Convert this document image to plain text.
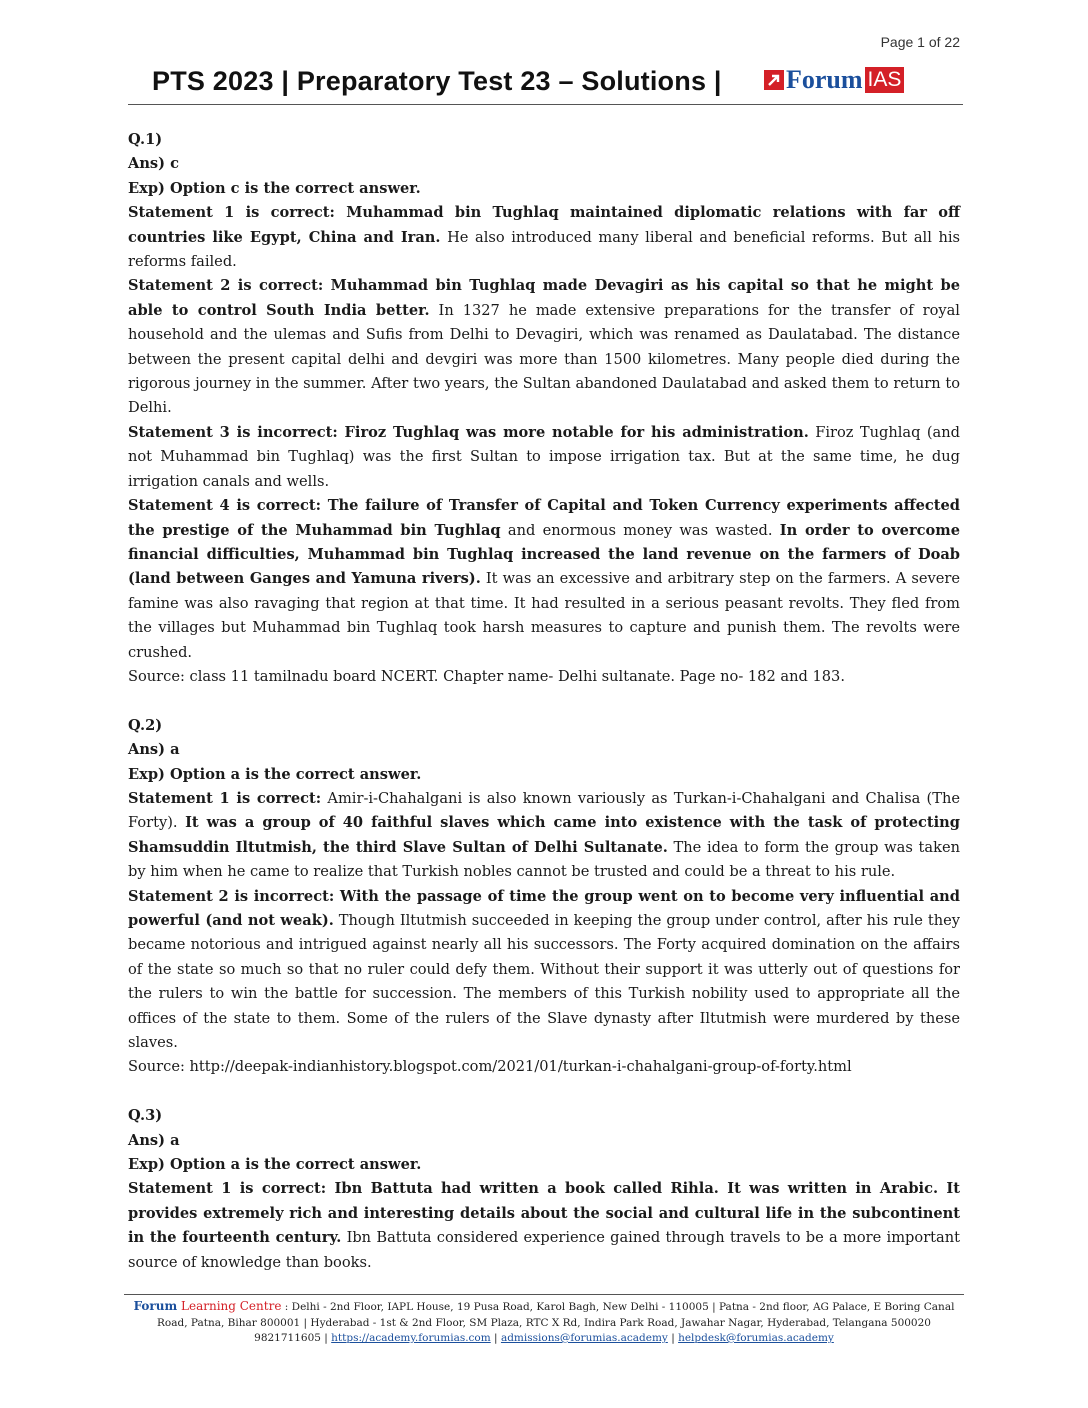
Page 1 of 22
PTS 2023 | Preparatory Test 23 – Solutions | Forum IAS

Q.1)

Ans) c

Exp) Option c is the correct answer.

Statement 1 is correct: Muhammad bin Tughlaq maintained diplomatic relations with far off countries like Egypt, China and Iran. He also introduced many liberal and beneficial reforms. But all his reforms failed.

Statement 2 is correct: Muhammad bin Tughlaq made Devagiri as his capital so that he might be able to control South India better. In 1327 he made extensive preparations for the transfer of royal household and the ulemas and Sufis from Delhi to Devagiri, which was renamed as Daulatabad. The distance between the present capital delhi and devgiri was more than 1500 kilometres. Many people died during the rigorous journey in the summer. After two years, the Sultan abandoned Daulatabad and asked them to return to Delhi.

Statement 3 is incorrect: Firoz Tughlaq was more notable for his administration. Firoz Tughlaq (and not Muhammad bin Tughlaq) was the first Sultan to impose irrigation tax. But at the same time, he dug irrigation canals and wells.

Statement 4 is correct: The failure of Transfer of Capital and Token Currency experiments affected the prestige of the Muhammad bin Tughlaq and enormous money was wasted. In order to overcome financial difficulties, Muhammad bin Tughlaq increased the land revenue on the farmers of Doab (land between Ganges and Yamuna rivers). It was an excessive and arbitrary step on the farmers. A severe famine was also ravaging that region at that time. It had resulted in a serious peasant revolts. They fled from the villages but Muhammad bin Tughlaq took harsh measures to capture and punish them. The revolts were crushed.

Source: class 11 tamilnadu board NCERT. Chapter name- Delhi sultanate. Page no- 182 and 183.

Q.2)

Ans) a

Exp) Option a is the correct answer.

Statement 1 is correct: Amir-i-Chahalgani is also known variously as Turkan-i-Chahalgani and Chalisa (The Forty). It was a group of 40 faithful slaves which came into existence with the task of protecting Shamsuddin Iltutmish, the third Slave Sultan of Delhi Sultanate. The idea to form the group was taken by him when he came to realize that Turkish nobles cannot be trusted and could be a threat to his rule.

Statement 2 is incorrect: With the passage of time the group went on to become very influential and powerful (and not weak). Though Iltutmish succeeded in keeping the group under control, after his rule they became notorious and intrigued against nearly all his successors. The Forty acquired domination on the affairs of the state so much so that no ruler could defy them. Without their support it was utterly out of questions for the rulers to win the battle for succession. The members of this Turkish nobility used to appropriate all the offices of the state to them. Some of the rulers of the Slave dynasty after Iltutmish were murdered by these slaves.

Source: http://deepak-indianhistory.blogspot.com/2021/01/turkan-i-chahalgani-group-of-forty.html

Q.3)

Ans) a

Exp) Option a is the correct answer.

Statement 1 is correct: Ibn Battuta had written a book called Rihla. It was written in Arabic. It provides extremely rich and interesting details about the social and cultural life in the subcontinent in the fourteenth century. Ibn Battuta considered experience gained through travels to be a more important source of knowledge than books.

Forum Learning Centre : Delhi - 2nd Floor, IAPL House, 19 Pusa Road, Karol Bagh, New Delhi - 110005 | Patna - 2nd floor, AG Palace, E Boring Canal Road, Patna, Bihar 800001 | Hyderabad - 1st & 2nd Floor, SM Plaza, RTC X Rd, Indira Park Road, Jawahar Nagar, Hyderabad, Telangana 500020
9821711605 | https://academy.forumias.com | admissions@forumias.academy | helpdesk@forumias.academy
